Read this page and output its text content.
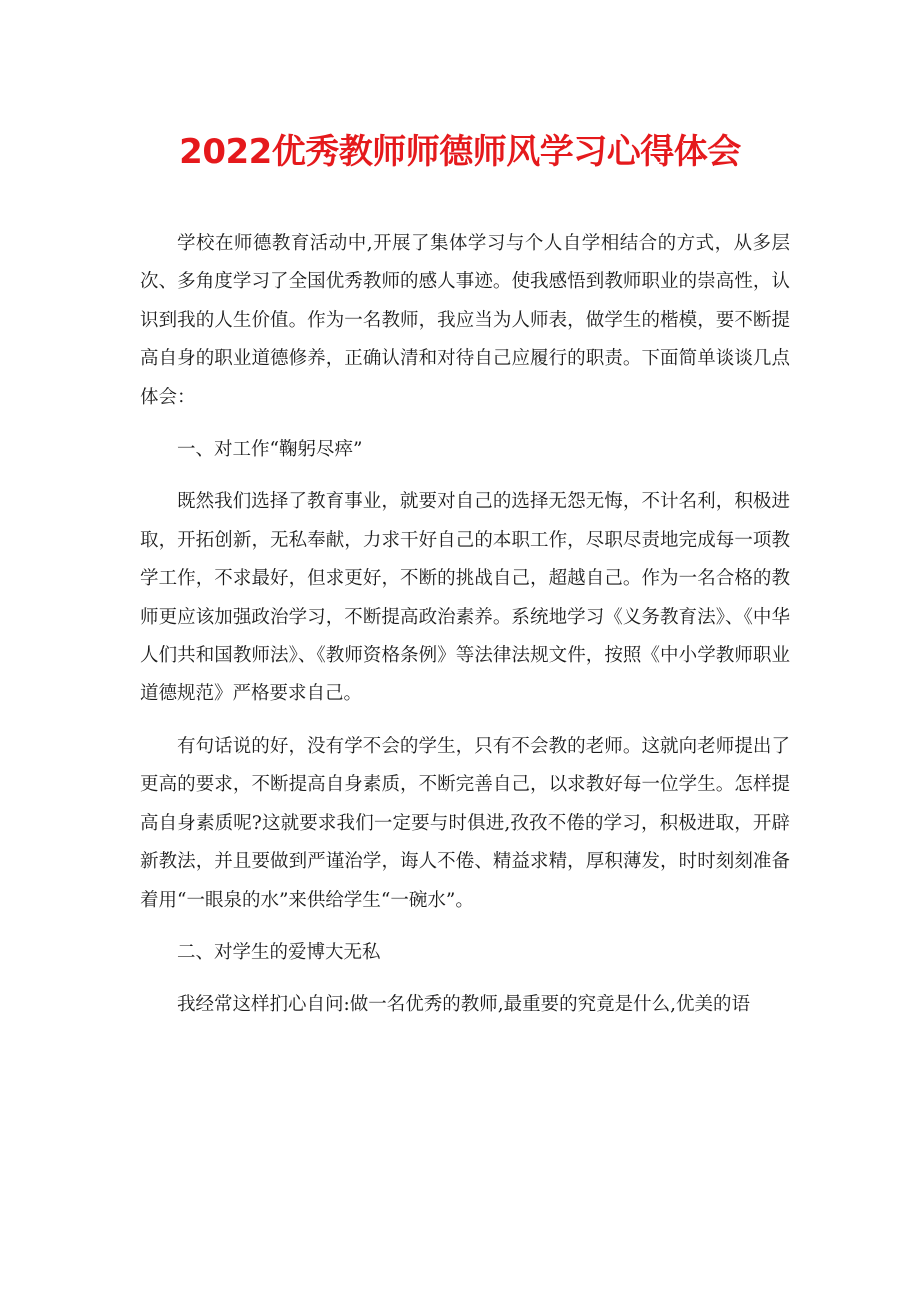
2022优秀教师师德师风学习心得体会

学校在师德教育活动中,开展了集体学习与个人自学相结合的方式，从多层次、多角度学习了全国优秀教师的感人事迹。使我感悟到教师职业的崇高性，认识到我的人生价值。作为一名教师，我应当为人师表，做学生的楷模，要不断提高自身的职业道德修养，正确认清和对待自己应履行的职责。下面简单谈谈几点体会：

一、对工作“鞠躬尽瘁”

既然我们选择了教育事业，就要对自己的选择无怨无悔，不计名利，积极进取，开拓创新，无私奉献，力求干好自己的本职工作，尽职尽责地完成每一项教学工作，不求最好，但求更好，不断的挑战自己，超越自己。作为一名合格的教师更应该加强政治学习，不断提高政治素养。系统地学习《义务教育法》、《中华人们共和国教师法》、《教师资格条例》等法律法规文件，按照《中小学教师职业道德规范》严格要求自己。

有句话说的好，没有学不会的学生，只有不会教的老师。这就向老师提出了更高的要求，不断提高自身素质，不断完善自己，以求教好每一位学生。怎样提高自身素质呢?这就要求我们一定要与时俱进,孜孜不倦的学习，积极进取，开辟新教法，并且要做到严谨治学，诲人不倦、精益求精，厚积薄发，时时刻刻准备着用“一眼泉的水”来供给学生“一碗水”。

二、对学生的爱博大无私

我经常这样扪心自问:做一名优秀的教师,最重要的究竟是什么,优美的语
